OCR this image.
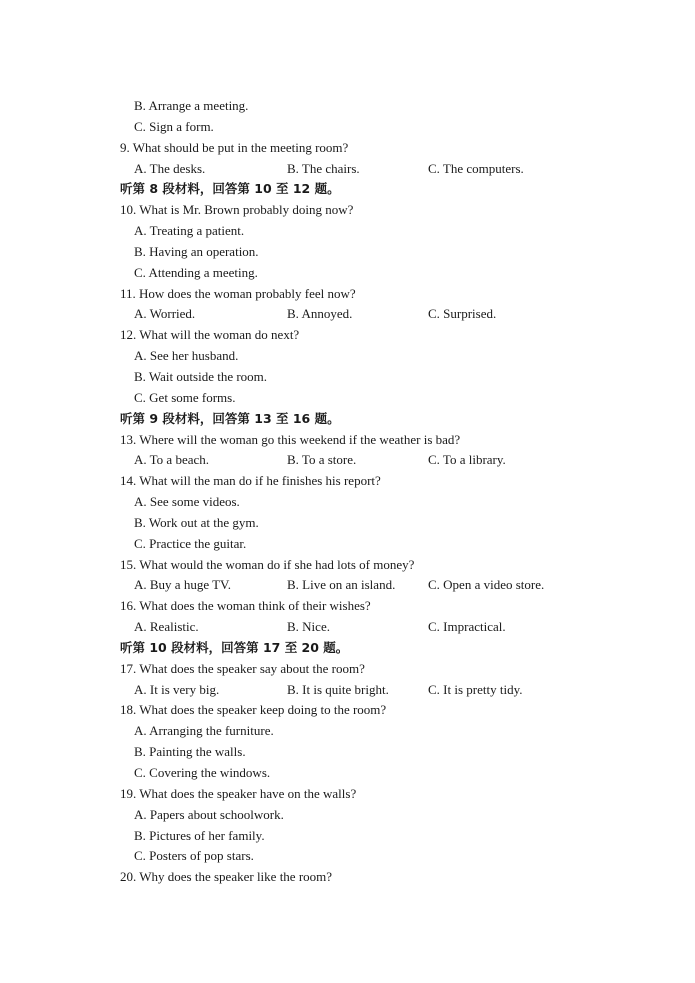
B. Arrange a meeting.
C. Sign a form.
9. What should be put in the meeting room?
A. The desks.	B. The chairs.	C. The computers.
听第 8 段材料，回答第 10 至 12 题。
10. What is Mr. Brown probably doing now?
A. Treating a patient.
B. Having an operation.
C. Attending a meeting.
11. How does the woman probably feel now?
A. Worried.	B. Annoyed.	C. Surprised.
12. What will the woman do next?
A. See her husband.
B. Wait outside the room.
C. Get some forms.
听第 9 段材料，回答第 13 至 16 题。
13. Where will the woman go this weekend if the weather is bad?
A. To a beach.	B. To a store.	C. To a library.
14. What will the man do if he finishes his report?
A. See some videos.
B. Work out at the gym.
C. Practice the guitar.
15. What would the woman do if she had lots of money?
A. Buy a huge TV.	B. Live on an island.	C. Open a video store.
16. What does the woman think of their wishes?
A. Realistic.	B. Nice.	C. Impractical.
听第 10 段材料，回答第 17 至 20 题。
17. What does the speaker say about the room?
A. It is very big.	B. It is quite bright.	C. It is pretty tidy.
18. What does the speaker keep doing to the room?
A. Arranging the furniture.
B. Painting the walls.
C. Covering the windows.
19. What does the speaker have on the walls?
A. Papers about schoolwork.
B. Pictures of her family.
C. Posters of pop stars.
20. Why does the speaker like the room?
